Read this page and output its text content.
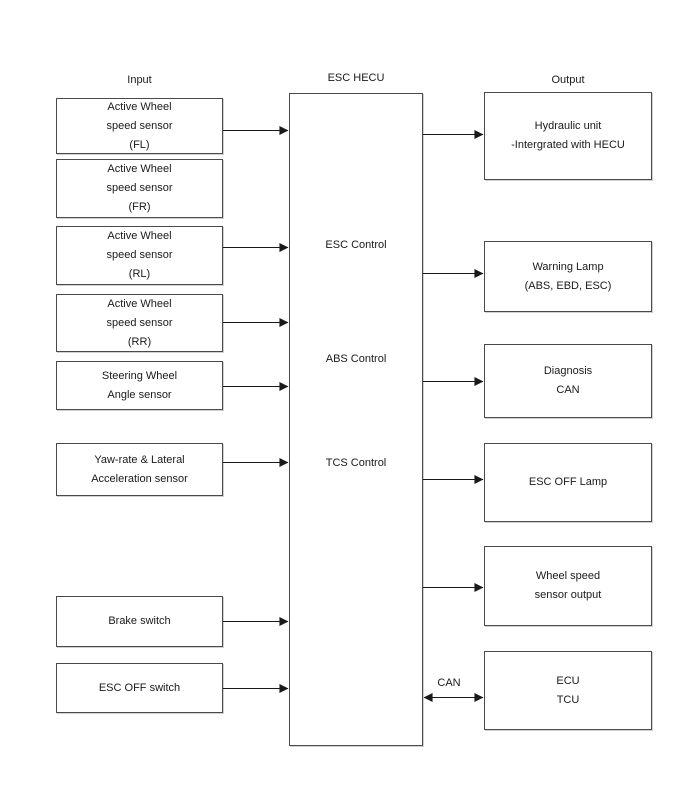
Input	ESC HECU	Output
Active Wheel
speed sensor
(FL)
Active Wheel
speed sensor
(FR)
Active Wheel
speed sensor
(RL)
Active Wheel
speed sensor
(RR)
Steering Wheel
Angle sensor
Yaw-rate & Lateral
Acceleration sensor
Brake switch
ESC OFF switch
ESC Control
ABS Control
TCS Control
Hydraulic unit
-Intergrated with HECU
Warning Lamp
(ABS, EBD, ESC)
Diagnosis
CAN
ESC OFF Lamp
Wheel speed
sensor output
ECU
TCU
CAN
